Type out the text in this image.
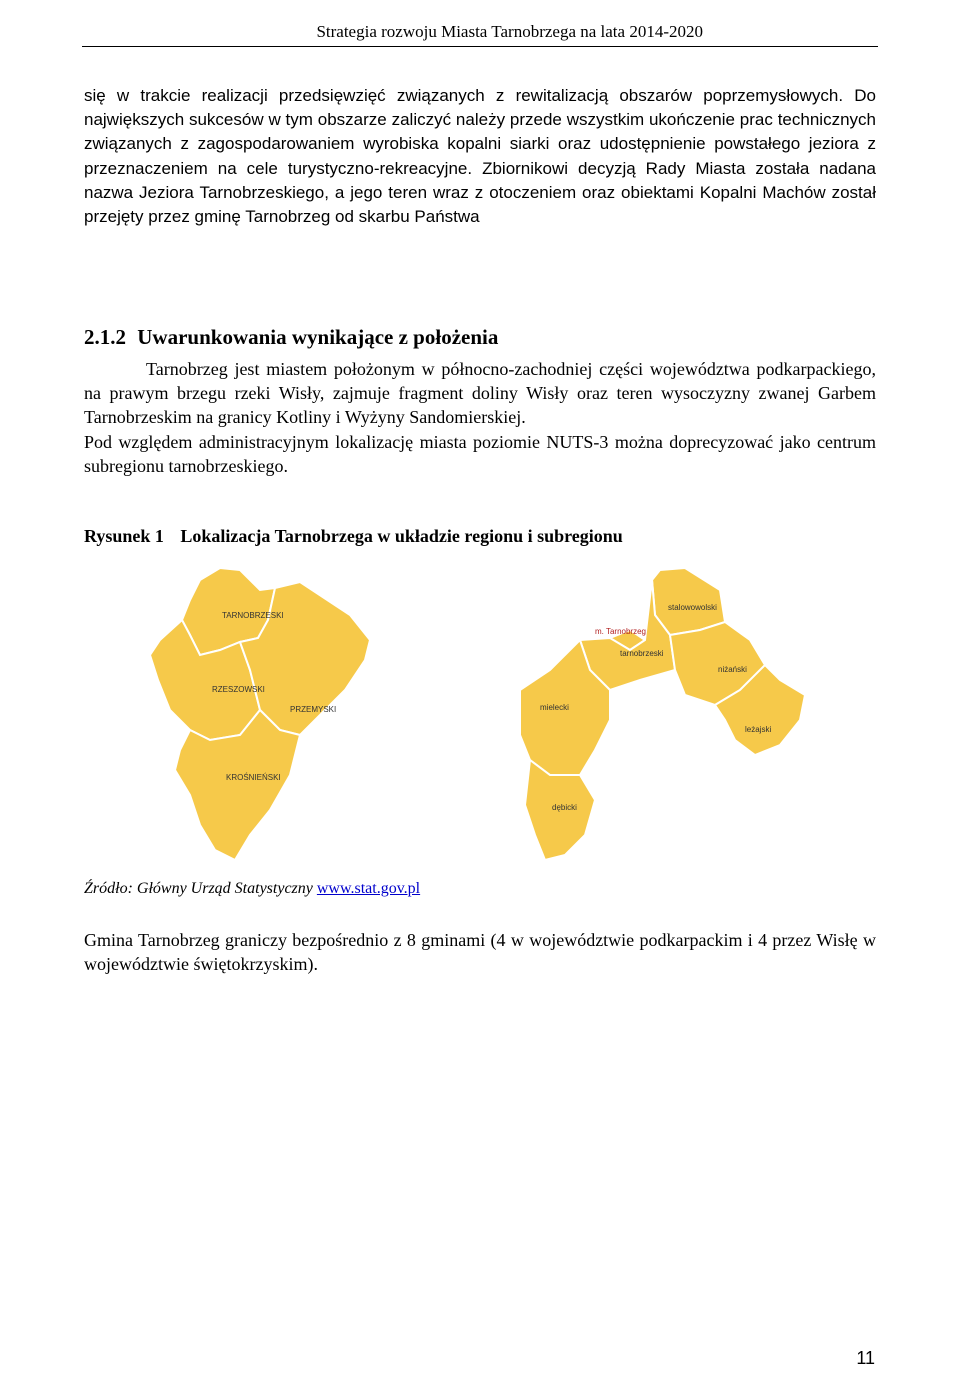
Strategia rozwoju Miasta Tarnobrzega na lata 2014-2020

się w trakcie realizacji przedsięwzięć związanych z rewitalizacją obszarów poprzemysłowych. Do największych sukcesów w tym obszarze zaliczyć należy przede wszystkim ukończenie prac technicznych związanych z zagospodarowaniem wyrobiska kopalni siarki oraz udostępnienie powstałego jeziora z przeznaczeniem na cele turystyczno-rekreacyjne. Zbiornikowi decyzją Rady Miasta została nadana nazwa Jeziora Tarnobrzeskiego, a jego teren wraz z otoczeniem oraz obiektami Kopalni Machów został przejęty przez gminę Tarnobrzeg od skarbu Państwa

2.1.2 Uwarunkowania wynikające z położenia

Tarnobrzeg jest miastem położonym w północno-zachodniej części województwa podkarpackiego, na prawym brzegu rzeki Wisły, zajmuje fragment doliny Wisły oraz teren wysoczyzny zwanej Garbem Tarnobrzeskim na granicy Kotliny i Wyżyny Sandomierskiej.

Pod względem administracyjnym lokalizację miasta poziomie NUTS-3 można doprecyzować jako centrum subregionu tarnobrzeskiego.

Rysunek 1 Lokalizacja Tarnobrzega w układzie regionu i subregionu

TARNOBRZESKI
RZESZOWSKI
PRZEMYSKI
KROŚNIEŃSKI
stalowowolski
m. Tarnobrzeg
tarnobrzeski
niżański
mielecki
leżajski
dębicki

Źródło: Główny Urząd Statystyczny www.stat.gov.pl

Gmina Tarnobrzeg graniczy bezpośrednio z 8 gminami (4 w województwie podkarpackim i 4 przez Wisłę w województwie świętokrzyskim).

11
